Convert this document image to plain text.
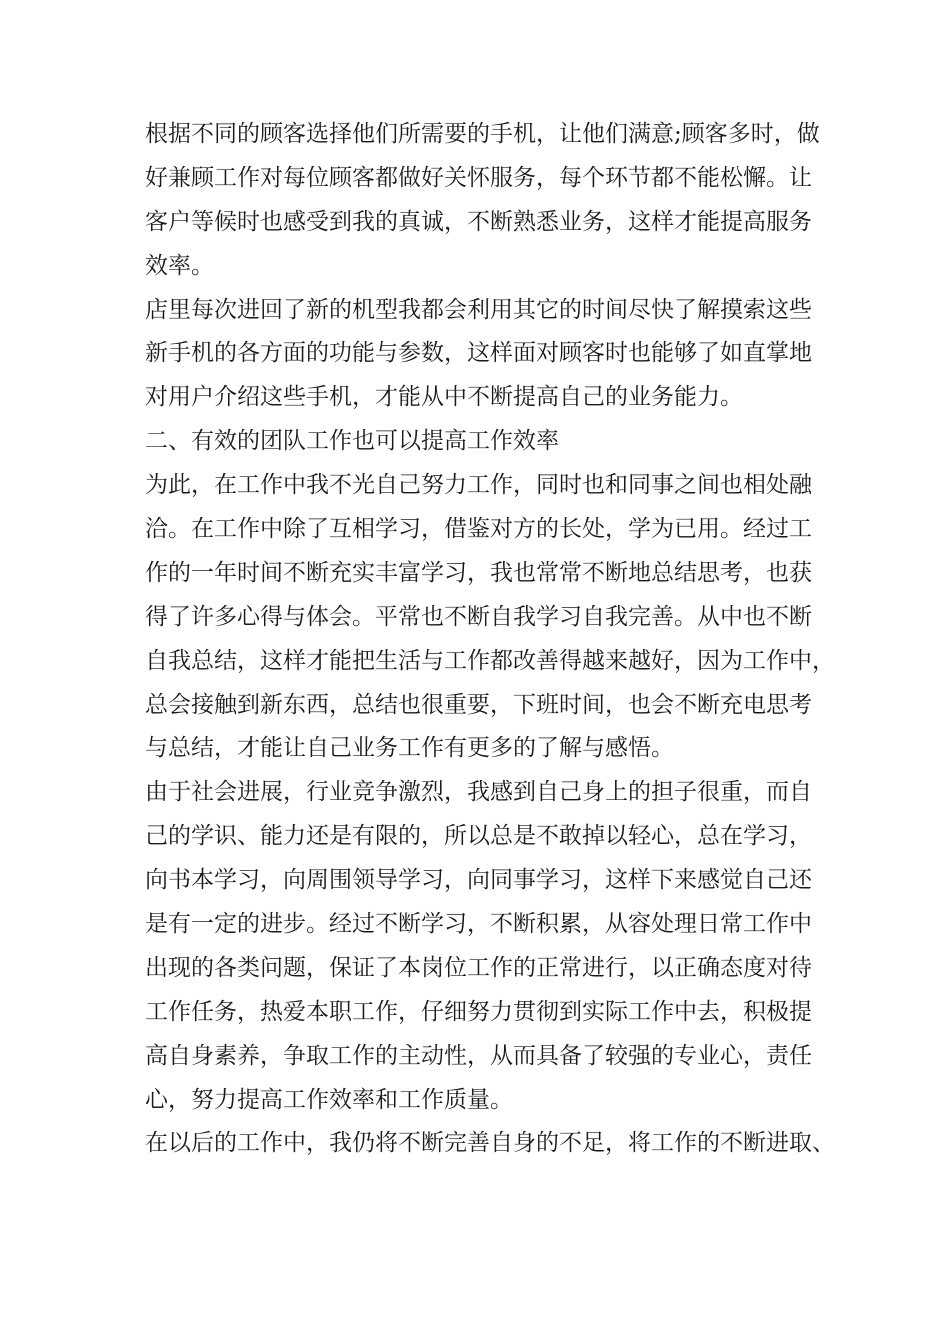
根据不同的顾客选择他们所需要的手机，让他们满意;顾客多时，做
好兼顾工作对每位顾客都做好关怀服务，每个环节都不能松懈。让
客户等候时也感受到我的真诚，不断熟悉业务，这样才能提高服务
效率。
店里每次进回了新的机型我都会利用其它的时间尽快了解摸索这些
新手机的各方面的功能与参数，这样面对顾客时也能够了如直掌地
对用户介绍这些手机，才能从中不断提高自己的业务能力。
二、有效的团队工作也可以提高工作效率
为此，在工作中我不光自己努力工作，同时也和同事之间也相处融
洽。在工作中除了互相学习，借鉴对方的长处，学为已用。经过工
作的一年时间不断充实丰富学习，我也常常不断地总结思考，也获
得了许多心得与体会。平常也不断自我学习自我完善。从中也不断
自我总结，这样才能把生活与工作都改善得越来越好，因为工作中，
总会接触到新东西，总结也很重要，下班时间，也会不断充电思考
与总结，才能让自己业务工作有更多的了解与感悟。
由于社会进展，行业竞争激烈，我感到自己身上的担子很重，而自
己的学识、能力还是有限的，所以总是不敢掉以轻心，总在学习，
向书本学习，向周围领导学习，向同事学习，这样下来感觉自己还
是有一定的进步。经过不断学习，不断积累，从容处理日常工作中
出现的各类问题，保证了本岗位工作的正常进行，以正确态度对待
工作任务，热爱本职工作，仔细努力贯彻到实际工作中去，积极提
高自身素养，争取工作的主动性，从而具备了较强的专业心，责任
心，努力提高工作效率和工作质量。
在以后的工作中，我仍将不断完善自身的不足，将工作的不断进取、
